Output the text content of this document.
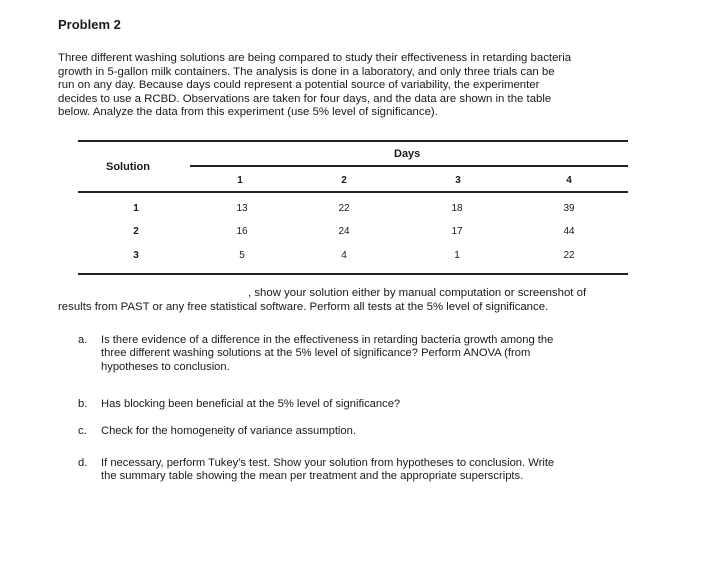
Problem 2
Three different washing solutions are being compared to study their effectiveness in retarding bacteria
growth in 5-gallon milk containers. The analysis is done in a laboratory, and only three trials can be
run on any day. Because days could represent a potential source of variability, the experimenter
decides to use a RCBD. Observations are taken for four days, and the data are shown in the table
below. Analyze the data from this experiment (use 5% level of significance).
Solution
Days
1	2	3	4
1	13	22	18	39
2	16	24	17	44
3	5	4	1	22
, show your solution either by manual computation or screenshot of
results from PAST or any free statistical software. Perform all tests at the 5% level of significance.
a. Is there evidence of a difference in the effectiveness in retarding bacteria growth among the
three different washing solutions at the 5% level of significance? Perform ANOVA (from
hypotheses to conclusion.
b. Has blocking been beneficial at the 5% level of significance?
c. Check for the homogeneity of variance assumption.
d. If necessary, perform Tukey's test. Show your solution from hypotheses to conclusion. Write
the summary table showing the mean per treatment and the appropriate superscripts.
